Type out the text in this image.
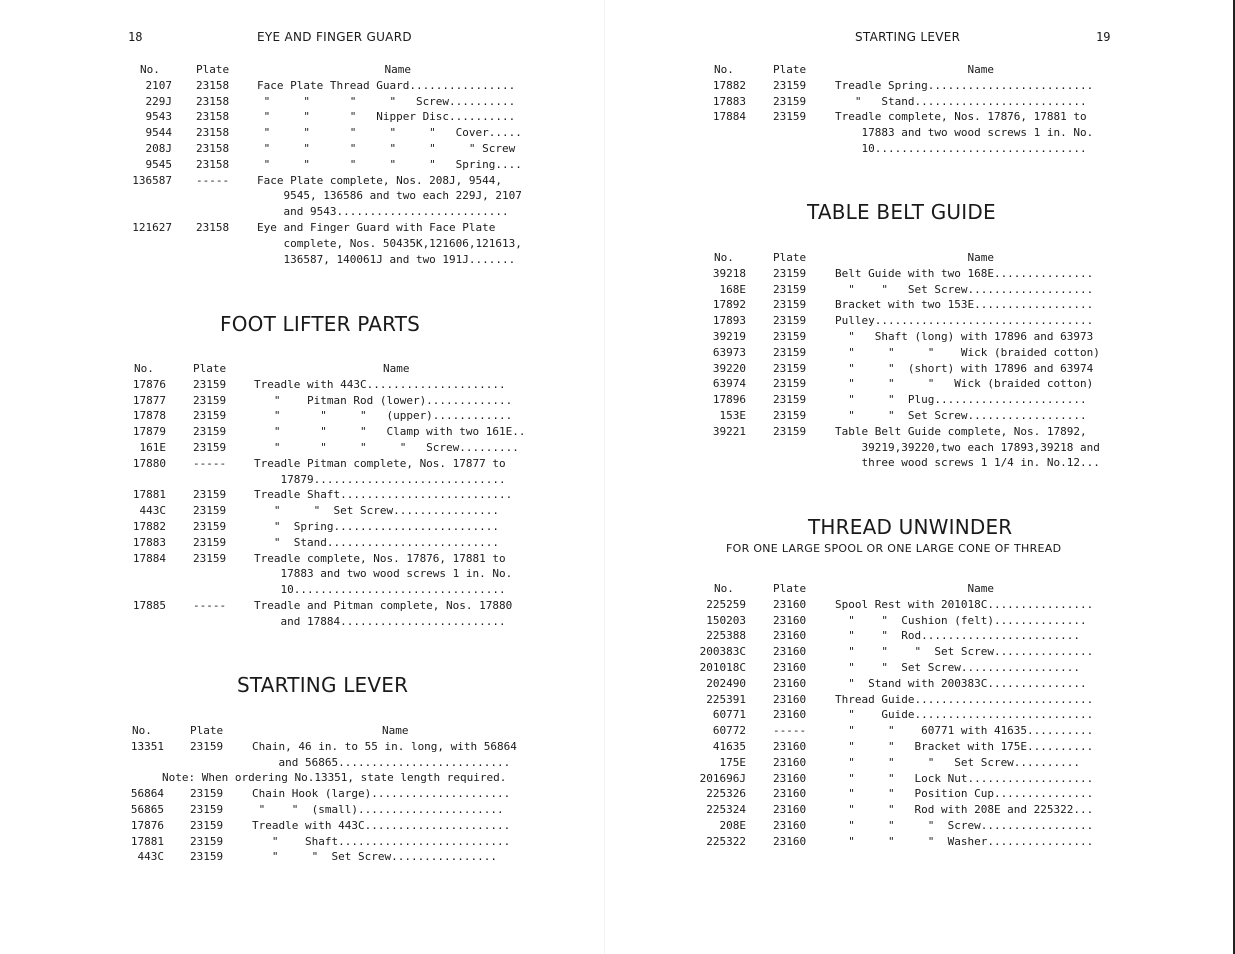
18	EYE AND FINGER GUARD
No.	Plate	Name
2107 23158	Face Plate Thread Guard................
229J 23158	"     "      "     "   Screw..........
9543 23158	"     "      "   Nipper Disc..........
9544 23158	"     "      "     "     "   Cover.....
208J 23158	"     "      "     "     "     " Screw
9545 23158	"     "      "     "     "   Spring....
136587 -----	Face Plate complete, Nos. 208J, 9544,
9545, 136586 and two each 229J, 2107
and 9543..........................
121627 23158	Eye and Finger Guard with Face Plate
complete, Nos. 50435K,121606,121613,
136587, 140061J and two 191J.......
FOOT LIFTER PARTS
No.	Plate	Name
17876 23159	Treadle with 443C.....................
17877 23159	"    Pitman Rod (lower).............
17878 23159	"      "     "   (upper)............
17879 23159	"      "     "   Clamp with two 161E..
161E 23159	"      "     "     "   Screw.........
17880 -----	Treadle Pitman complete, Nos. 17877 to
17879.............................
17881 23159	Treadle Shaft..........................
443C 23159	"     "  Set Screw................
17882 23159	"  Spring.........................
17883 23159	"  Stand..........................
17884 23159	Treadle complete, Nos. 17876, 17881 to
17883 and two wood screws 1 in. No.
10................................
17885 -----	Treadle and Pitman complete, Nos. 17880
and 17884.........................
STARTING LEVER
No.	Plate	Name
13351 23159	Chain, 46 in. to 55 in. long, with 56864
and 56865..........................
Note: When ordering No.13351, state length required.
56864 23159	Chain Hook (large).....................
56865 23159	"    "  (small)......................
17876 23159	Treadle with 443C......................
17881 23159	"    Shaft..........................
443C 23159	"     "  Set Screw................
STARTING LEVER	19
No.	Plate	Name
17882 23159	Treadle Spring.........................
17883 23159	"   Stand..........................
17884 23159	Treadle complete, Nos. 17876, 17881 to
17883 and two wood screws 1 in. No.
10................................
TABLE BELT GUIDE
No.	Plate	Name
39218 23159	Belt Guide with two 168E...............
168E 23159	"    "   Set Screw...................
17892 23159	Bracket with two 153E..................
17893 23159	Pulley.................................
39219 23159	"   Shaft (long) with 17896 and 63973
63973 23159	"     "     "    Wick (braided cotton)
39220 23159	"     "  (short) with 17896 and 63974
63974 23159	"     "     "   Wick (braided cotton)
17896 23159	"     "  Plug.......................
153E 23159	"     "  Set Screw..................
39221 23159	Table Belt Guide complete, Nos. 17892,
39219,39220,two each 17893,39218 and
three wood screws 1 1/4 in. No.12...
THREAD UNWINDER
FOR ONE LARGE SPOOL OR ONE LARGE CONE OF THREAD
No.	Plate	Name
225259 23160	Spool Rest with 201018C................
150203 23160	"    "  Cushion (felt)..............
225388 23160	"    "  Rod........................
200383C 23160	"    "    "  Set Screw...............
201018C 23160	"    "  Set Screw..................
202490 23160	"  Stand with 200383C...............
225391 23160	Thread Guide...........................
60771 23160	"    Guide...........................
60772 -----	"     "    60771 with 41635..........
41635 23160	"     "   Bracket with 175E..........
175E 23160	"     "     "   Set Screw..........
201696J 23160	"     "   Lock Nut...................
225326 23160	"     "   Position Cup...............
225324 23160	"     "   Rod with 208E and 225322...
208E 23160	"     "     "  Screw.................
225322 23160	"     "     "  Washer................
